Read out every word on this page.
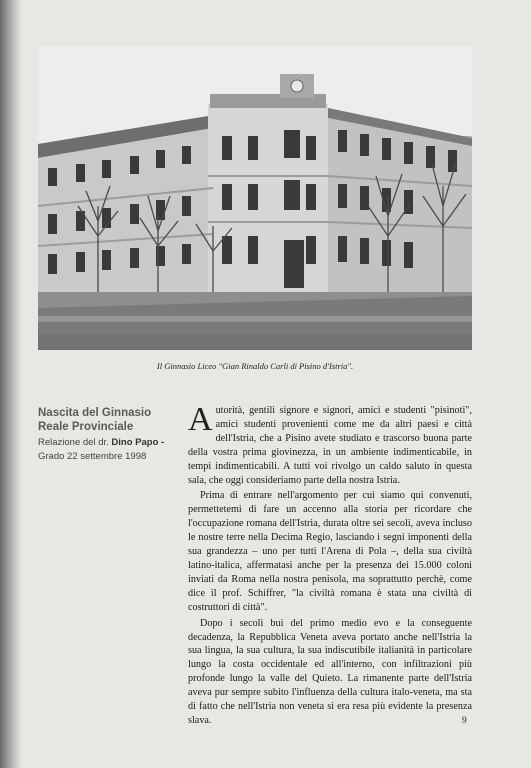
Il Ginnasio Liceo "Gian Rinaldo Carli di Pisino d'Istria".
Nascita del Ginnasio
Reale Provinciale
Relazione del dr. Dino Papo -
Grado 22 settembre 1998

Autorità, gentili signore e signori, amici e studenti "pisinoti", amici studenti provenienti come me da altri paesi e città dell'Istria, che a Pisino avete studiato e trascorso buona parte della vostra prima giovinezza, in un ambiente indimenticabile, in tempi indimenticabili. A tutti voi rivolgo un caldo saluto in questa sala, che oggi consideriamo parte della nostra Istria.

Prima di entrare nell'argomento per cui siamo qui convenuti, permettetemi di fare un accenno alla storia per ricordare che l'occupazione romana dell'Istria, durata oltre sei secoli, aveva incluso le nostre terre nella Decima Regio, lasciando i segni imponenti della sua grandezza – uno per tutti l'Arena di Pola –, della sua civiltà latino-italica, affermatasi anche per la presenza dei 15.000 coloni inviati da Roma nella nostra penisola, ma soprattutto perchè, come dice il prof. Schiffrer, "la civiltà romana è stata una civiltà di costruttori di città".

Dopo i secoli bui del primo medio evo e la conseguente decadenza, la Repubblica Veneta aveva portato anche nell'Istria la sua lingua, la sua cultura, la sua indiscutibile italianità in particolare lungo la costa occidentale ed all'interno, con infiltrazioni più profonde lungo la valle del Quieto. La rimanente parte dell'Istria aveva pur sempre subito l'influenza della cultura italo-veneta, ma sta di fatto che nell'Istria non veneta si era resa più evidente la presenza slava.	9
